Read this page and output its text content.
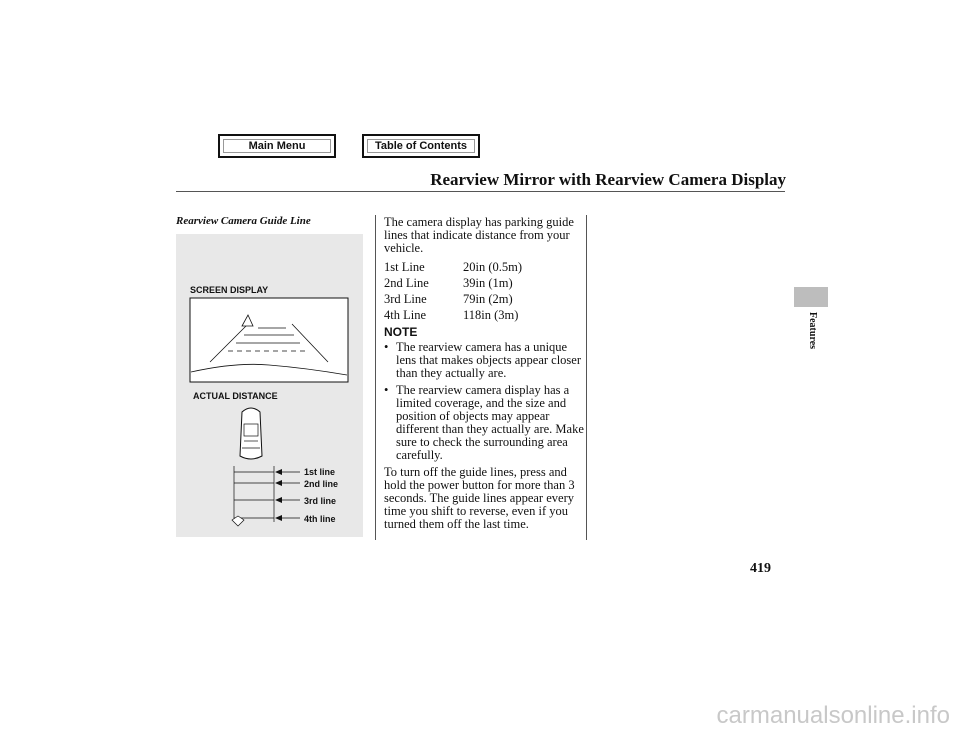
Main Menu	Table of Contents
Rearview Mirror with Rearview Camera Display
Features
Rearview Camera Guide Line
SCREEN DISPLAY
ACTUAL DISTANCE
1st line
2nd line
3rd line
4th line

The camera display has parking guide lines that indicate distance from your vehicle.

1st Line	20in (0.5m)
2nd Line	39in (1m)
3rd Line	79in (2m)
4th Line	118in (3m)
NOTE
• The rearview camera has a unique lens that makes objects appear closer than they actually are.
• The rearview camera display has a limited coverage, and the size and position of objects may appear different than they actually are. Make sure to check the surrounding area carefully.

To turn off the guide lines, press and hold the power button for more than 3 seconds. The guide lines appear every time you shift to reverse, even if you turned them off the last time.

419
carmanualsonline.info
